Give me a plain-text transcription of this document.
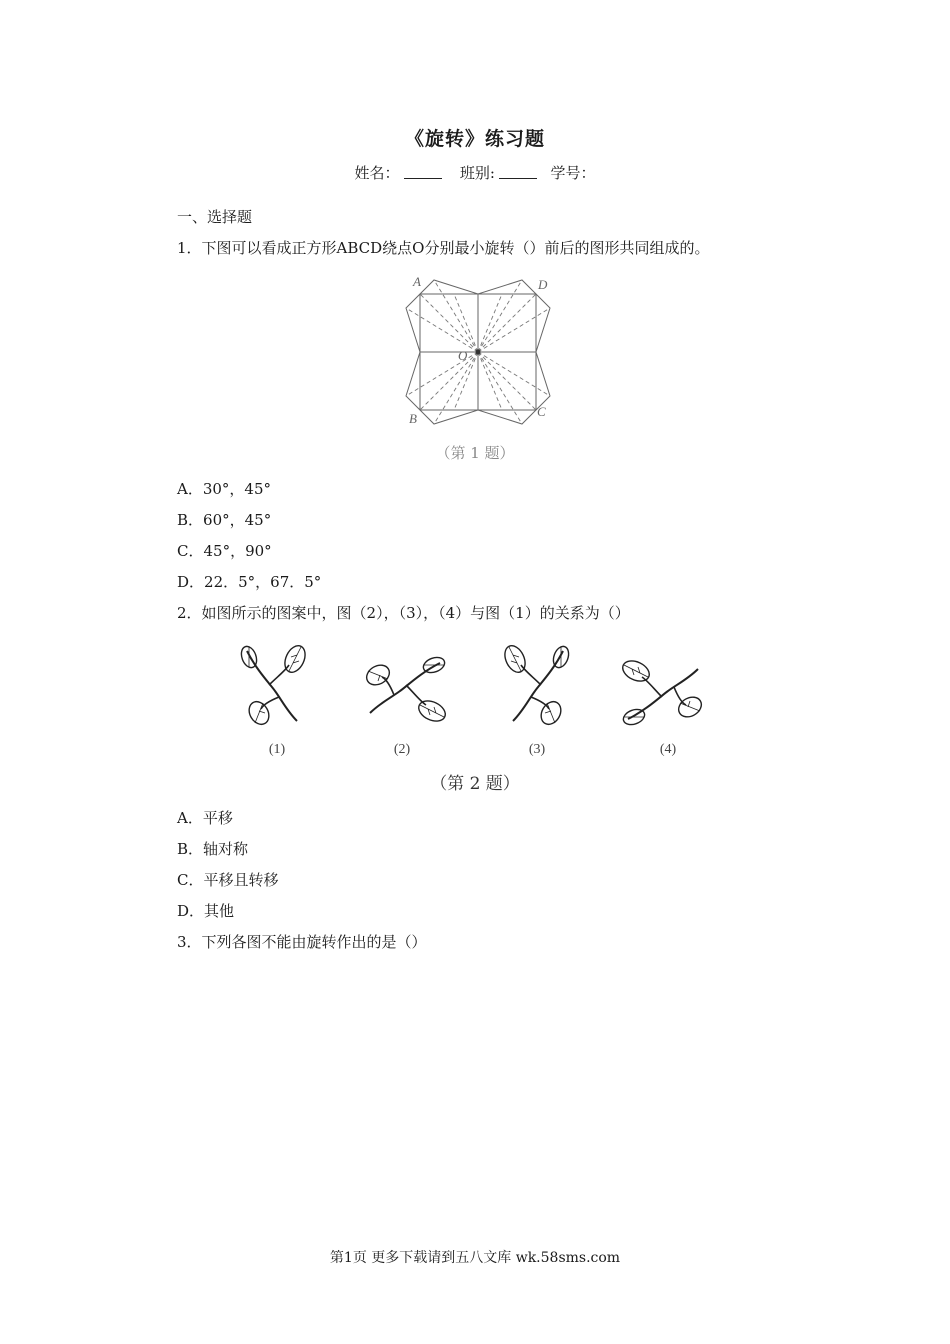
《旋转》练习题
姓名：	班别:	学号：
一、选择题
1．下图可以看成正方形ABCD绕点O分别最小旋转（）前后的图形共同组成的。
A	D
B	C
O
（第 1 题）
A．30°，45°
B．60°，45°
C．45°，90°
D．22．5°，67．5°
2．如图所示的图案中，图（2），（3），（4）与图（1）的关系为（）
(1)	(2)	(3)	(4)
（第 2 题）
A．平移
B．轴对称
C．平移且转移
D．其他
3．下列各图不能由旋转作出的是（）
第1页 更多下载请到五八文库 wk.58sms.com
